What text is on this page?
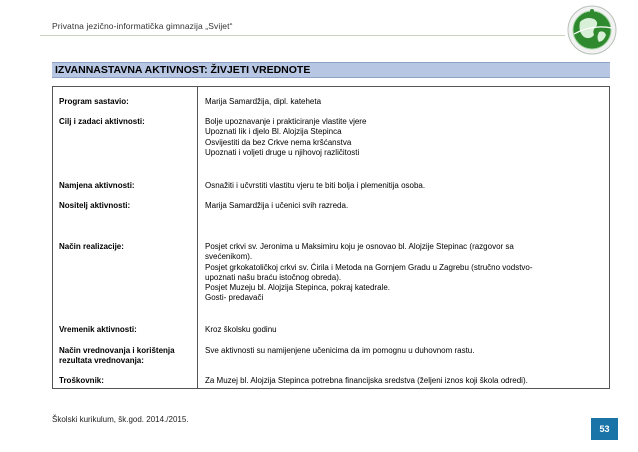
Privatna jezično-informatička gimnazija „Svijet“
IZVANNASTAVNA AKTIVNOST: ŽIVJETI VREDNOTE
Program sastavio:	Marija Samardžija, dipl. kateheta
Cilj i zadaci aktivnosti:	Bolje upoznavanje i prakticiranje vlastite vjere
Upoznati lik i djelo Bl. Alojzija Stepinca
Osvijestiti da bez Crkve nema kršćanstva
Upoznati i voljeti druge u njihovoj različitosti
Namjena aktivnosti:	Osnažiti i učvrstiti vlastitu vjeru te biti bolja i plemenitija osoba.
Nositelj aktivnosti:	Marija Samardžija i učenici svih razreda.
Način realizacije:	Posjet crkvi sv. Jeronima u Maksimiru koju je osnovao bl. Alojzije Stepinac (razgovor sa
svećenikom).
Posjet grkokatoličkoj crkvi sv. Ćirila i Metoda na Gornjem Gradu u Zagrebu (stručno vodstvo-
upoznati našu braću istočnog obreda).
Posjet Muzeju bl. Alojzija Stepinca, pokraj katedrale.
Gosti- predavači
Vremenik aktivnosti:	Kroz školsku godinu
Način vrednovanja i korištenja
rezultata vrednovanja:
Sve aktivnosti su namijenjene učenicima da im pomognu u duhovnom rastu.
Troškovnik:	Za Muzej bl. Alojzija Stepinca potrebna financijska sredstva (željeni iznos koji škola odredi).
Školski kurikulum, šk.god. 2014./2015.
53
